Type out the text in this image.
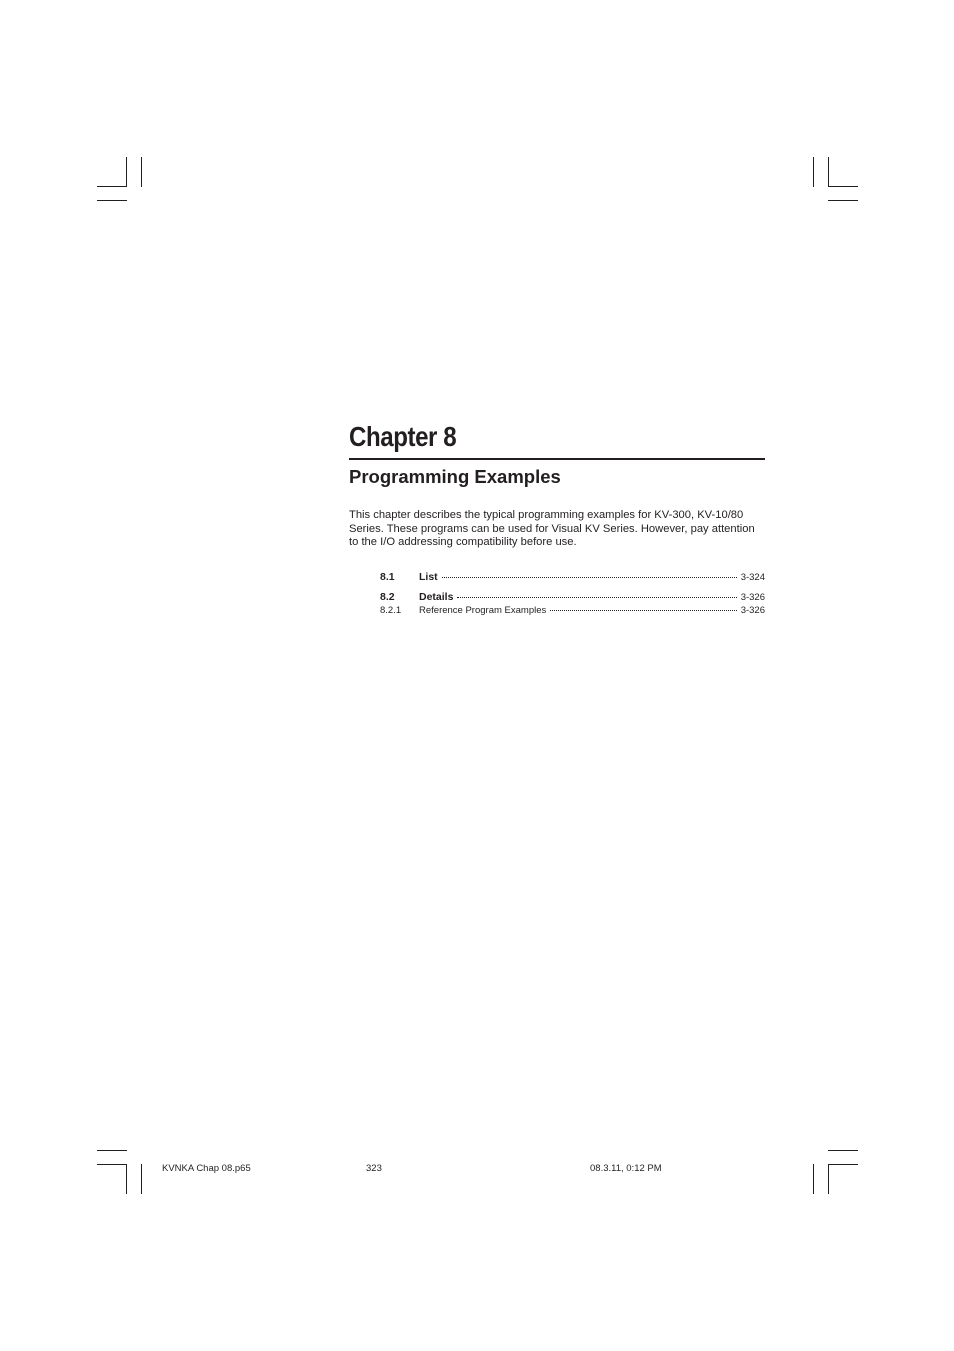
Chapter 8
Programming Examples

This chapter describes the typical programming examples for KV-300, KV-10/80 Series. These programs can be used for Visual KV Series. However, pay attention to the I/O addressing compatibility before use.

8.1 List	3-324
8.2 Details	3-326
8.2.1 Reference Program Examples	3-326
KVNKA Chap 08.p65	323	08.3.11, 0:12 PM
